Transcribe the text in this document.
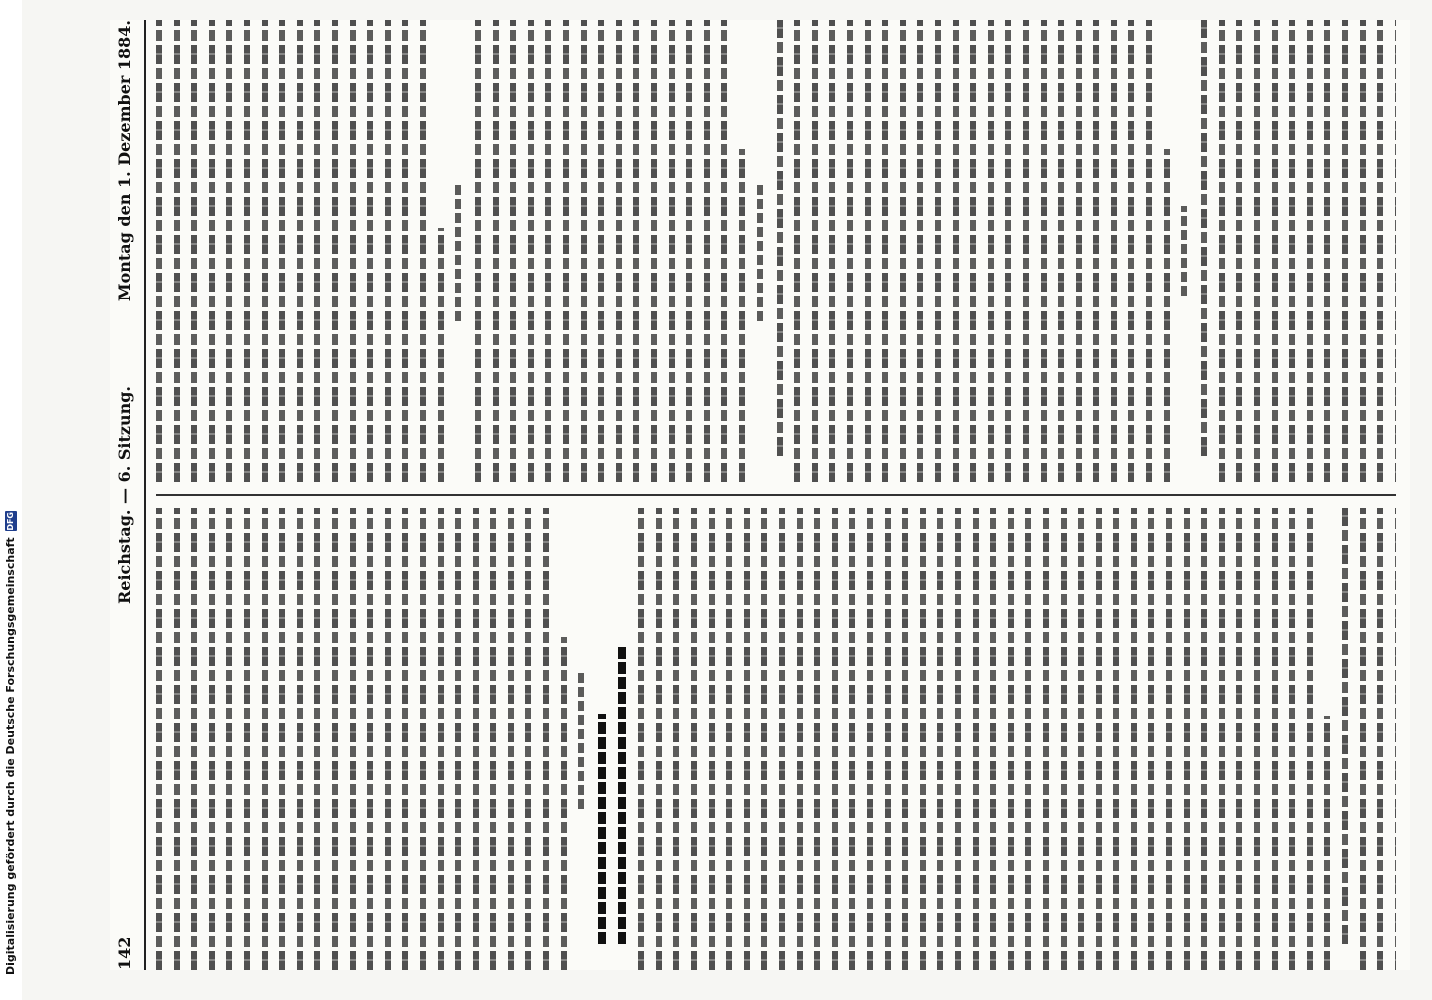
Digitalisierung gefördert durch die Deutsche Forschungsgemeinschaft
DFG
142
Reichstag. — 6. Sitzung.
Montag den 1. Dezember 1884.
